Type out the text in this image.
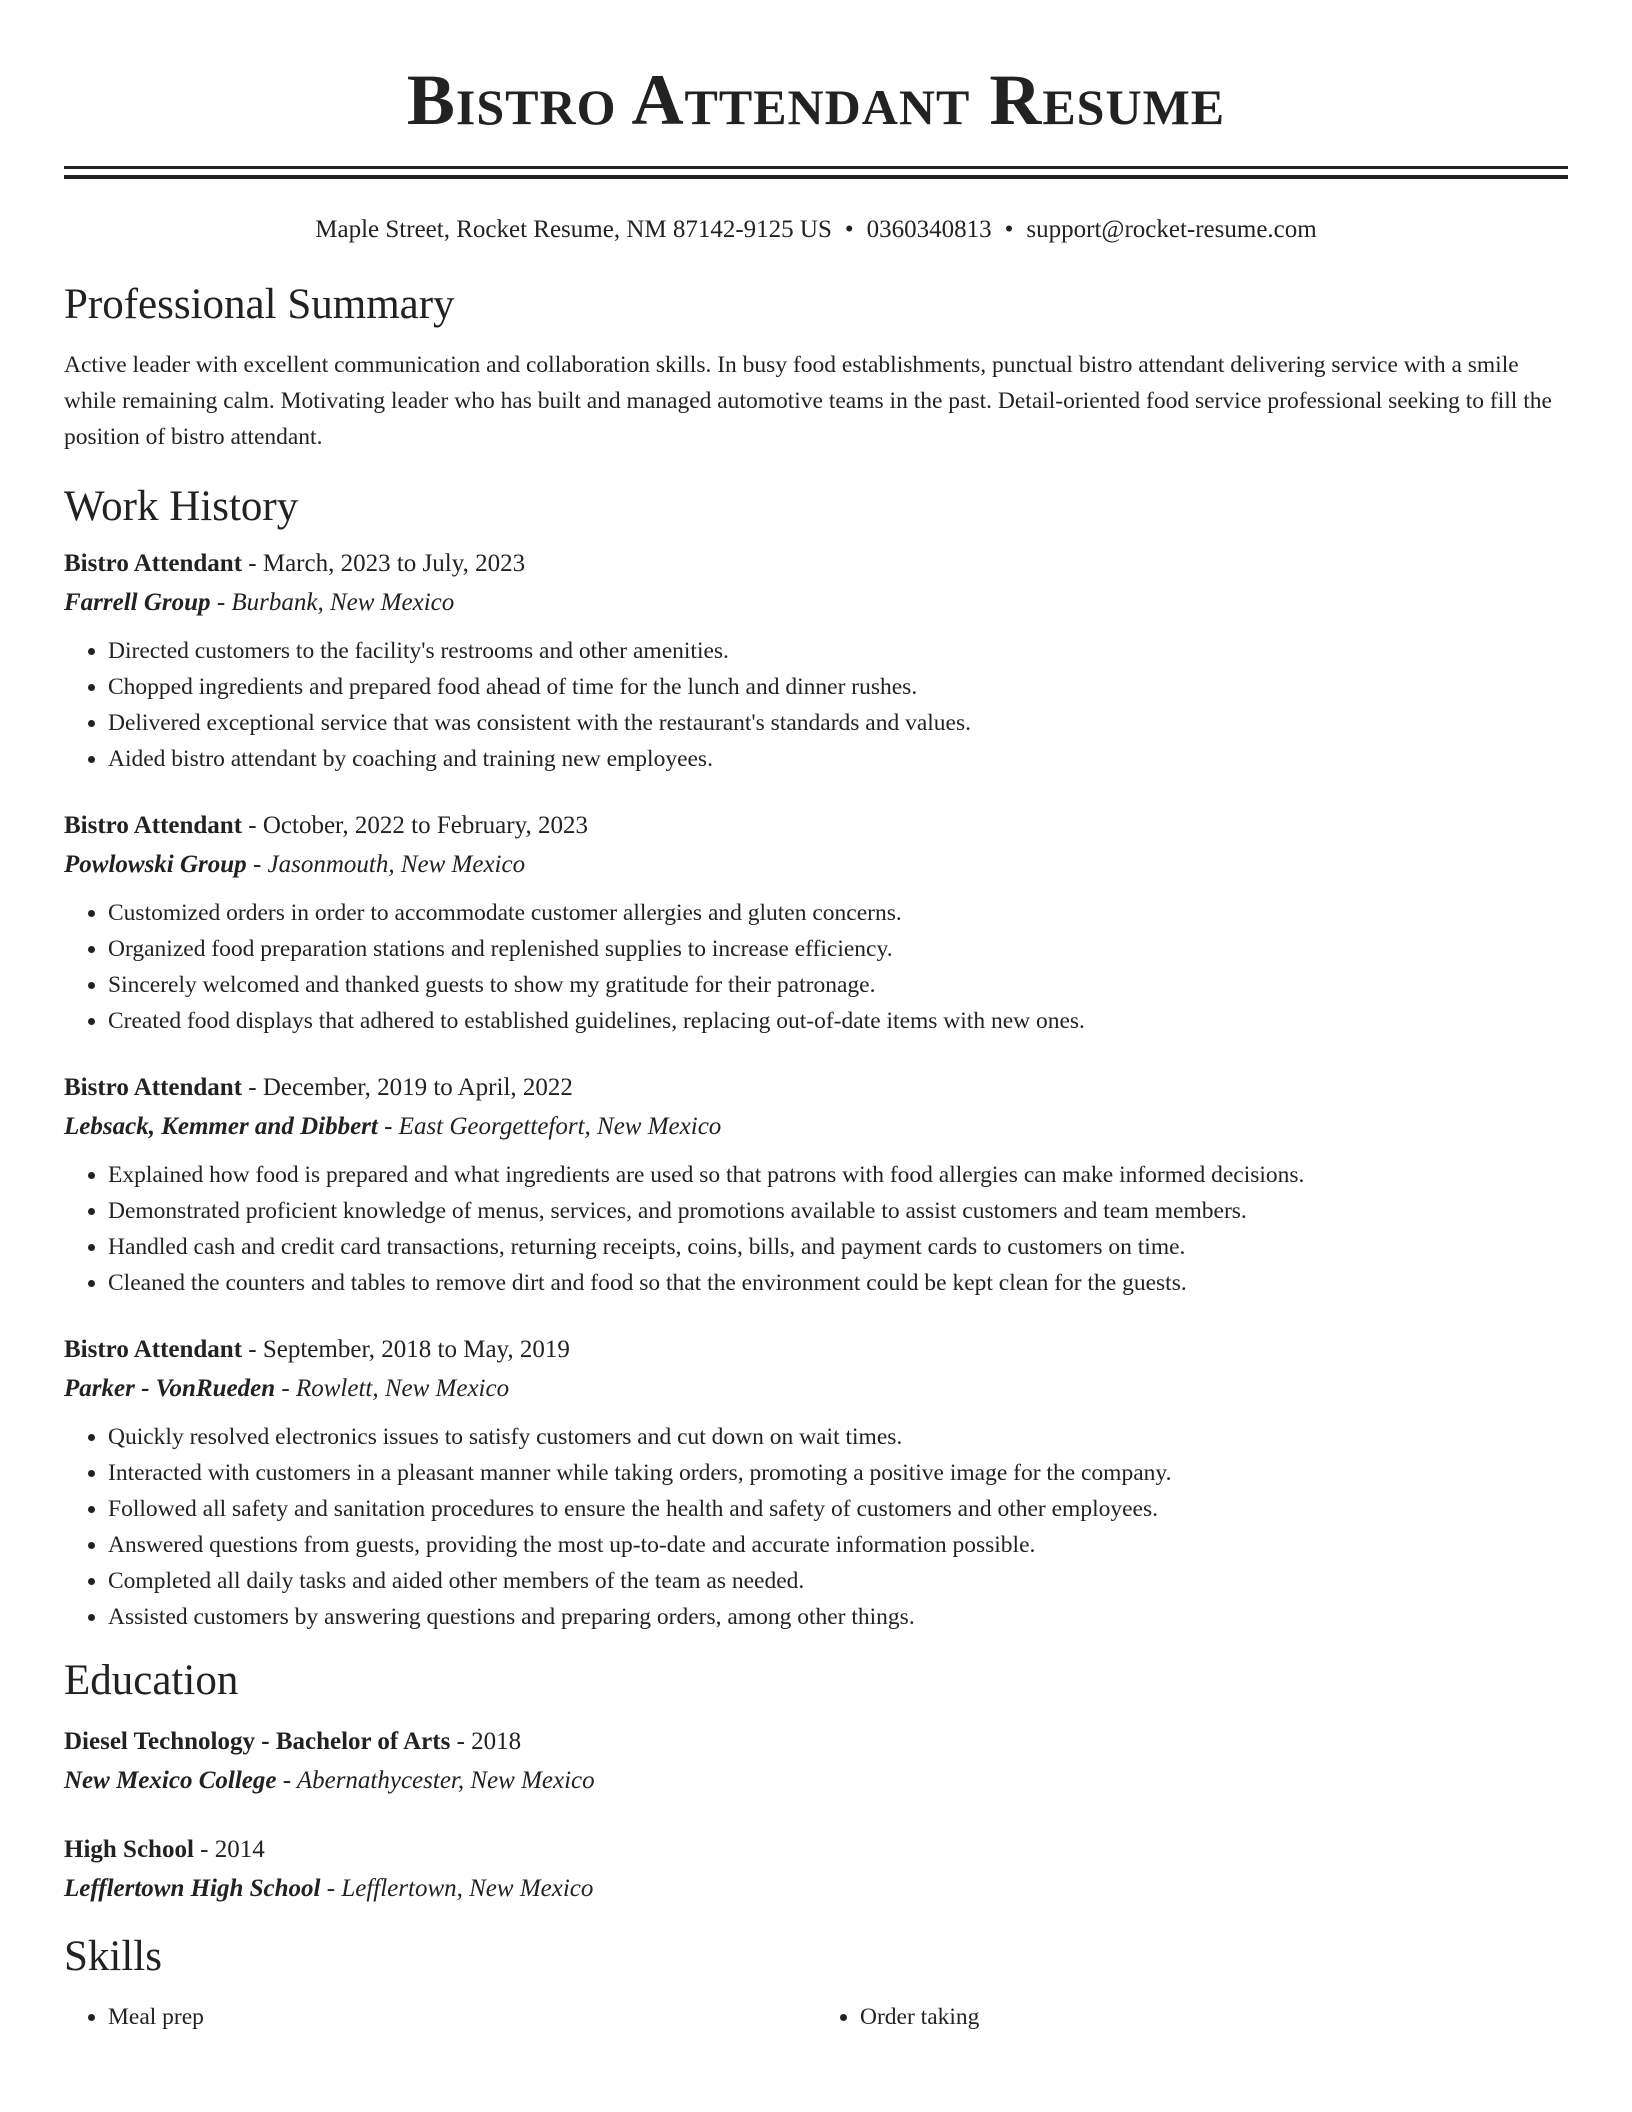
Bistro Attendant Resume
Maple Street, Rocket Resume, NM 87142-9125 US • 0360340813 • support@rocket-resume.com
Professional Summary

Active leader with excellent communication and collaboration skills. In busy food establishments, punctual bistro attendant delivering service with a smile while remaining calm. Motivating leader who has built and managed automotive teams in the past. Detail-oriented food service professional seeking to fill the position of bistro attendant.

Work History
Bistro Attendant - March, 2023 to July, 2023
Farrell Group - Burbank, New Mexico
• Directed customers to the facility's restrooms and other amenities.
• Chopped ingredients and prepared food ahead of time for the lunch and dinner rushes.
• Delivered exceptional service that was consistent with the restaurant's standards and values.
• Aided bistro attendant by coaching and training new employees.
Bistro Attendant - October, 2022 to February, 2023
Powlowski Group - Jasonmouth, New Mexico
• Customized orders in order to accommodate customer allergies and gluten concerns.
• Organized food preparation stations and replenished supplies to increase efficiency.
• Sincerely welcomed and thanked guests to show my gratitude for their patronage.
• Created food displays that adhered to established guidelines, replacing out-of-date items with new ones.
Bistro Attendant - December, 2019 to April, 2022
Lebsack, Kemmer and Dibbert - East Georgettefort, New Mexico
• Explained how food is prepared and what ingredients are used so that patrons with food allergies can make informed decisions.
• Demonstrated proficient knowledge of menus, services, and promotions available to assist customers and team members.
• Handled cash and credit card transactions, returning receipts, coins, bills, and payment cards to customers on time.
• Cleaned the counters and tables to remove dirt and food so that the environment could be kept clean for the guests.
Bistro Attendant - September, 2018 to May, 2019
Parker - VonRueden - Rowlett, New Mexico
• Quickly resolved electronics issues to satisfy customers and cut down on wait times.
• Interacted with customers in a pleasant manner while taking orders, promoting a positive image for the company.
• Followed all safety and sanitation procedures to ensure the health and safety of customers and other employees.
• Answered questions from guests, providing the most up-to-date and accurate information possible.
• Completed all daily tasks and aided other members of the team as needed.
• Assisted customers by answering questions and preparing orders, among other things.
Education
Diesel Technology - Bachelor of Arts - 2018
New Mexico College - Abernathycester, New Mexico
High School - 2014
Lefflertown High School - Lefflertown, New Mexico
Skills
• Meal prep
•	Order taking
